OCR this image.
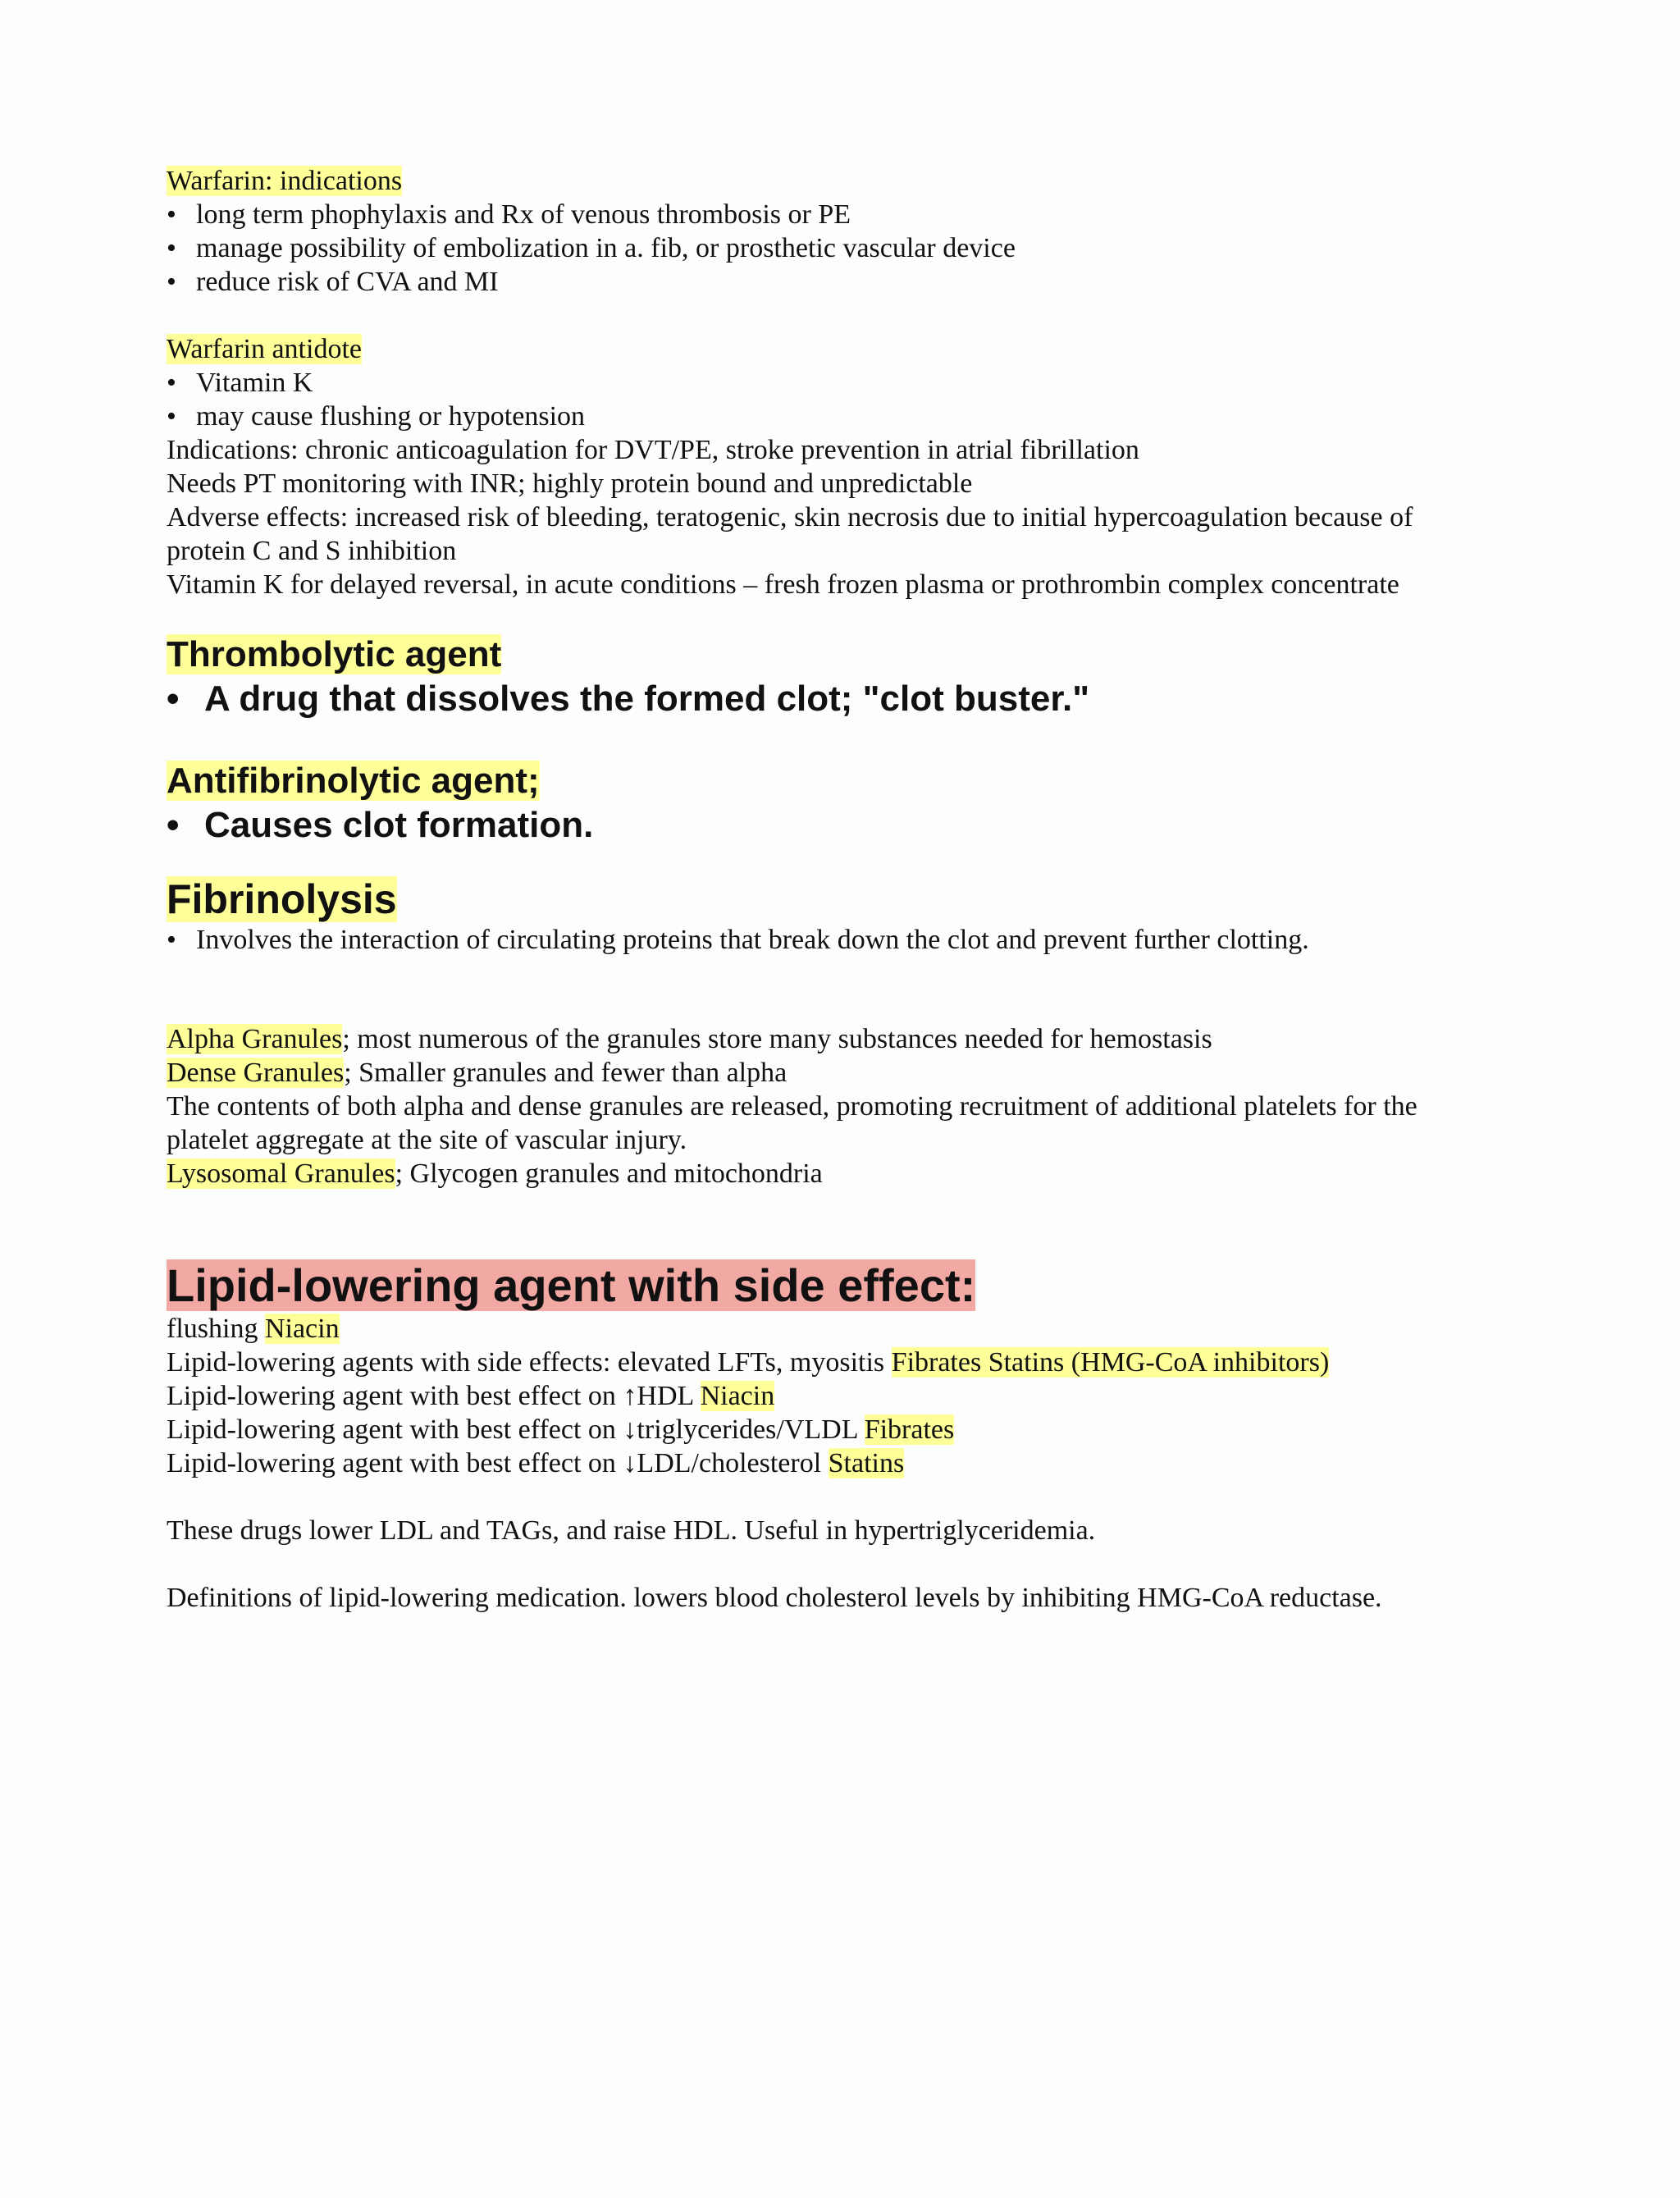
Warfarin: indications

• long term phophylaxis and Rx of venous thrombosis or PE
• manage possibility of embolization in a. fib, or prosthetic vascular device
• reduce risk of CVA and MI

Warfarin antidote

• Vitamin K
• may cause flushing or hypotension

Indications: chronic anticoagulation for DVT/PE, stroke prevention in atrial fibrillation

Needs PT monitoring with INR; highly protein bound and unpredictable

Adverse effects: increased risk of bleeding, teratogenic, skin necrosis due to initial hypercoagulation because of

protein C and S inhibition

Vitamin K for delayed reversal, in acute conditions – fresh frozen plasma or prothrombin complex concentrate

Thrombolytic agent

• A drug that dissolves the formed clot; "clot buster."

Antifibrinolytic agent;

• Causes clot formation.

Fibrinolysis

• Involves the interaction of circulating proteins that break down the clot and prevent further clotting.

Alpha Granules; most numerous of the granules store many substances needed for hemostasis

Dense Granules; Smaller granules and fewer than alpha

The contents of both alpha and dense granules are released, promoting recruitment of additional platelets for the

platelet aggregate at the site of vascular injury.

Lysosomal Granules; Glycogen granules and mitochondria

Lipid-lowering agent with side effect:

flushing Niacin

Lipid-lowering agents with side effects: elevated LFTs, myositis Fibrates Statins (HMG-CoA inhibitors)

Lipid-lowering agent with best effect on ↑HDL Niacin

Lipid-lowering agent with best effect on ↓triglycerides/VLDL Fibrates

Lipid-lowering agent with best effect on ↓LDL/cholesterol Statins

These drugs lower LDL and TAGs, and raise HDL. Useful in hypertriglyceridemia.

Definitions of lipid-lowering medication. lowers blood cholesterol levels by inhibiting HMG-CoA reductase.
